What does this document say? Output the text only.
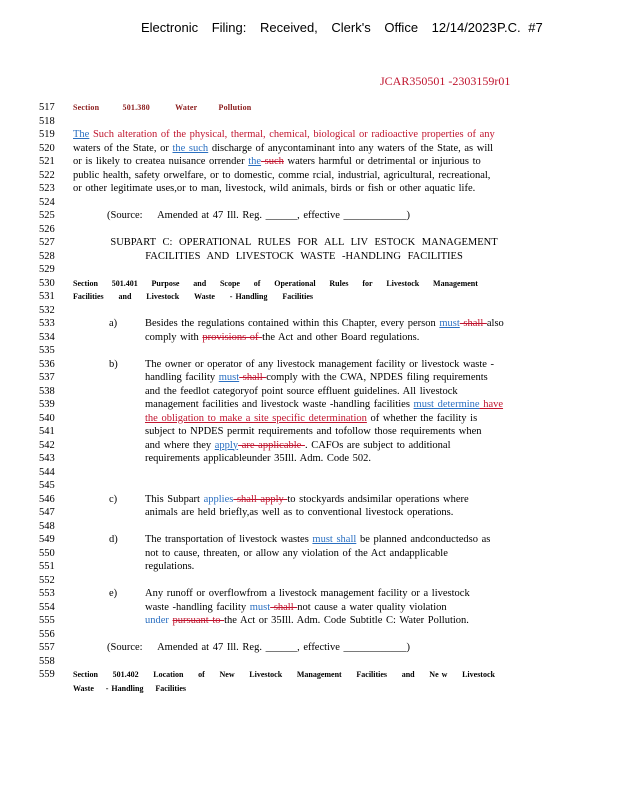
Electronic Filing: Received, Clerk's Office 12/14/2023 P.C. #7
JCAR350501 -2303159r01
517
518
519
520
521
522
523
524
525
526
527
528
529
530
531
532
533
534
535
536
537
538
539
540
541
542
543
544
545
546
547
548
549
550
551
552
553
554
555
556
557
558
559
Section	501.380	Water	Pollution
The Such alteration of the physical, thermal, chemical, biological or radioactive properties of any
waters of the State, or the such discharge of anycontaminant into any waters of the State, as will
or is likely to createa nuisance orrender the such waters harmful or detrimental or injurious to
public health, safety orwelfare, or to domestic, comme rcial, industrial, agricultural, recreational,
or other legitimate uses,or to man, livestock, wild animals, birds or fish or other aquatic life.
(Source: Amended at 47 Ill. Reg. ______, effective ____________)
SUBPART C: OPERATIONAL RULES FOR ALL LIV ESTOCK MANAGEMENT
FACILITIES AND LIVESTOCK WASTE -HANDLING FACILITIES
Section 501.401 Purpose and Scope of Operational Rules for Livestock Management
Facilities and Livestock Waste - Handling Facilities
a)	Besides the regulations contained within this Chapter, every person must shall also
comply with provisions of the Act and other Board regulations.
b)	The owner or operator of any livestock management facility or livestock waste -
handling facility must shall comply with the CWA, NPDES filing requirements
and the feedlot categoryof point source effluent guidelines. All livestock
management facilities and livestock waste -handling facilities must determine have
the obligation to make a site specific determination of whether the facility is
subject to NPDES permit requirements and tofollow those requirements when
and where they apply are applicable . CAFOs are subject to additional
requirements applicableunder 35Ill. Adm. Code 502.
c)	This Subpart applies shall apply to stockyards andsimilar operations where
animals are held briefly,as well as to conventional livestock operations.
d)	The transportation of livestock wastes must shall be planned andconductedso as
not to cause, threaten, or allow any violation of the Act andapplicable
regulations.
e)	Any runoff or overflowfrom a livestock management facility or a livestock
waste -handling facility must shall not cause a water quality violation
under pursuant to the Act or 35Ill. Adm. Code Subtitle C: Water Pollution.
(Source: Amended at 47 Ill. Reg. ______, effective ____________)
Section 501.402 Location of New Livestock Management Facilities and Ne w Livestock
Waste - Handling Facilities
